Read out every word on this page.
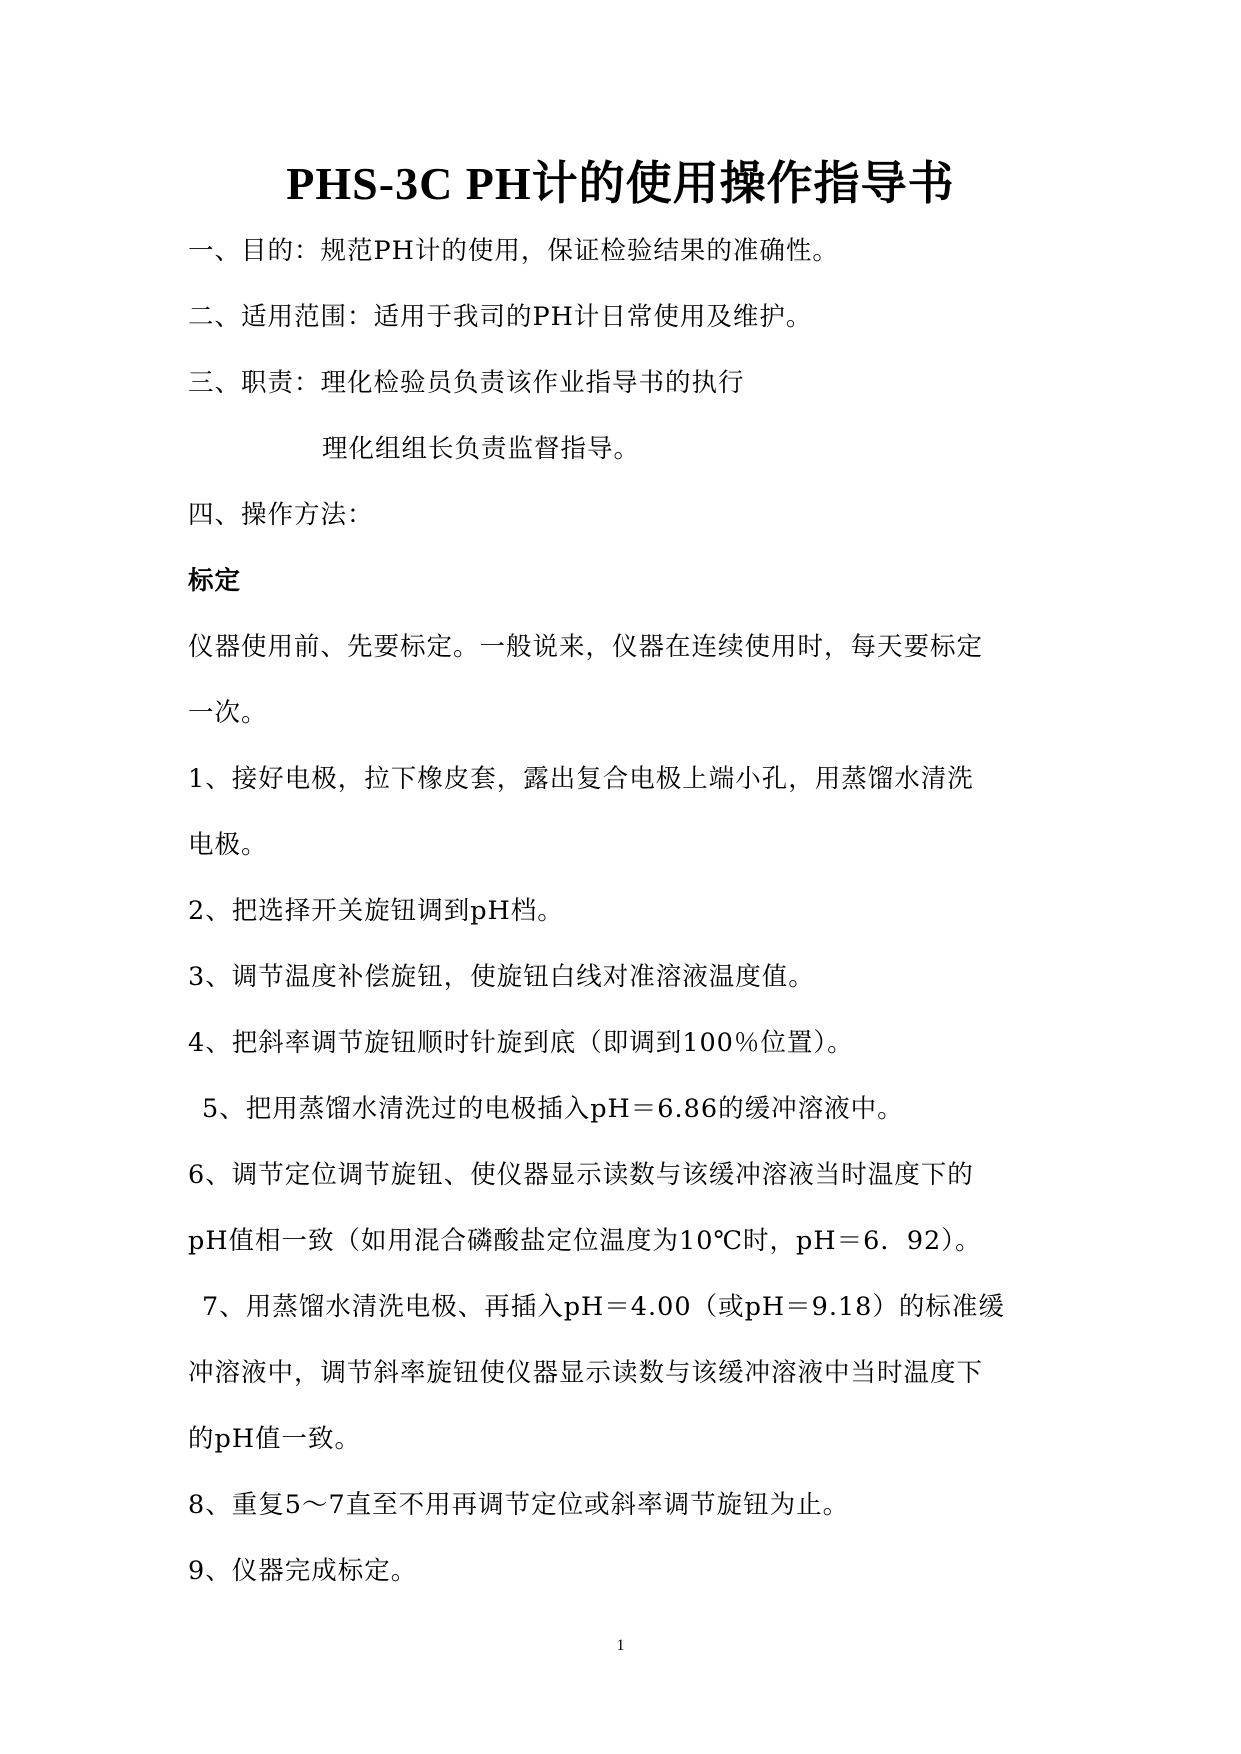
PHS-3C PH计的使用操作指导书
一、目的：规范PH计的使用，保证检验结果的准确性。
二、适用范围：适用于我司的PH计日常使用及维护。
三、职责：理化检验员负责该作业指导书的执行
理化组组长负责监督指导。
四、操作方法：
标定
仪器使用前、先要标定。一般说来，仪器在连续使用时，每天要标定
一次。
1、接好电极，拉下橡皮套，露出复合电极上端小孔，用蒸馏水清洗
电极。
2、把选择开关旋钮调到pH档。
3、调节温度补偿旋钮，使旋钮白线对准溶液温度值。
4、把斜率调节旋钮顺时针旋到底（即调到100％位置）。
5、把用蒸馏水清洗过的电极插入pH＝6.86的缓冲溶液中。
6、调节定位调节旋钮、使仪器显示读数与该缓冲溶液当时温度下的
pH值相一致（如用混合磷酸盐定位温度为10℃时，pH＝6．92）。
7、用蒸馏水清洗电极、再插入pH＝4.00（或pH＝9.18）的标准缓
冲溶液中，调节斜率旋钮使仪器显示读数与该缓冲溶液中当时温度下
的pH值一致。
8、重复5～7直至不用再调节定位或斜率调节旋钮为止。
9、仪器完成标定。
1
